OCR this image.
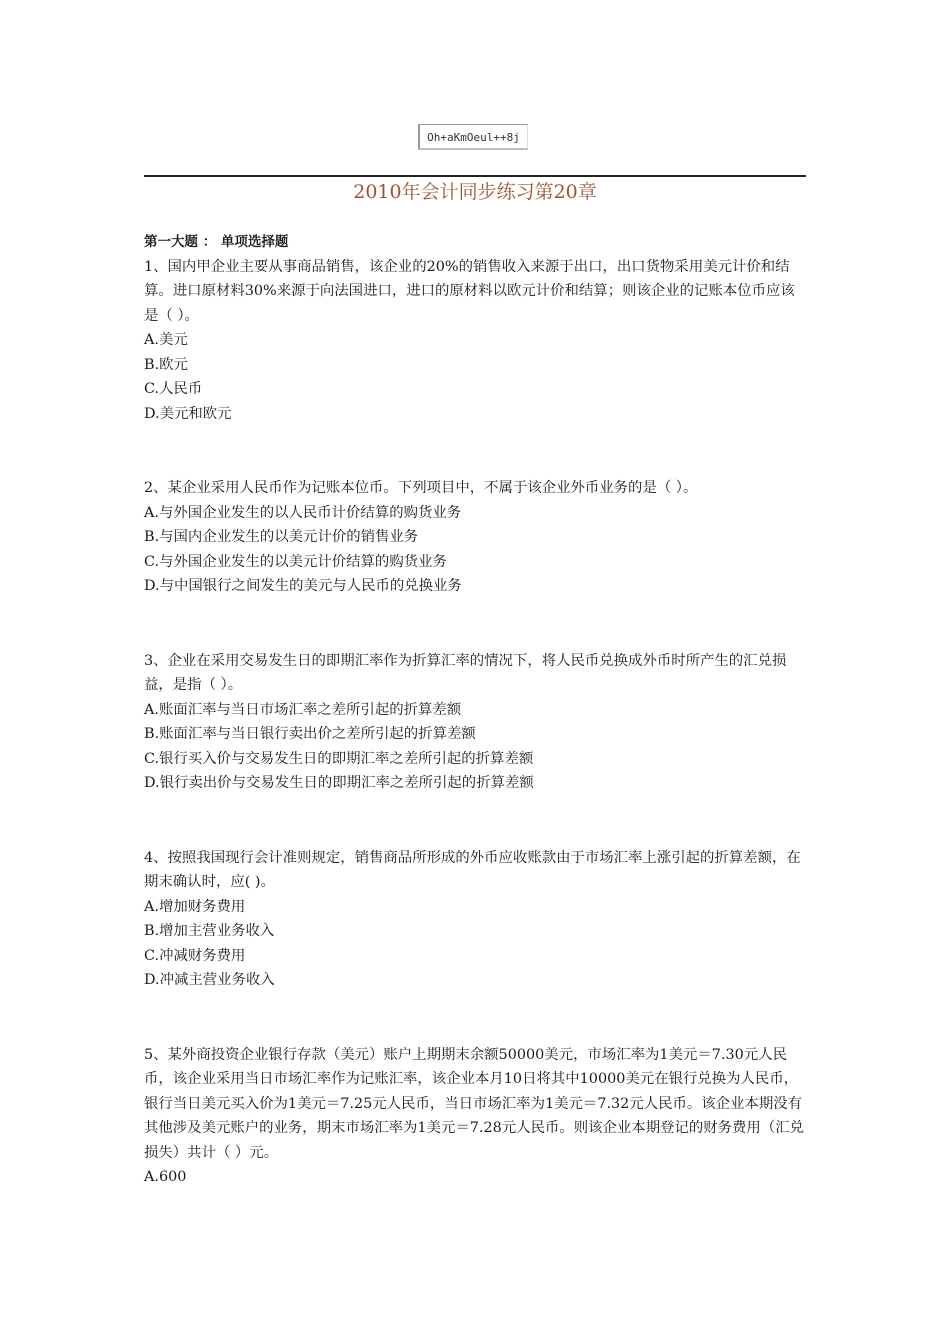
Oh+aKmOeul++8j
2010年会计同步练习第20章

第一大题 ： 单项选择题

1、国内甲企业主要从事商品销售，该企业的20%的销售收入来源于出口，出口货物采用美元计价和结算。进口原材料30%来源于向法国进口，进口的原材料以欧元计价和结算；则该企业的记账本位币应该是（ ）。

A.美元

B.欧元

C.人民币

D.美元和欧元

2、某企业采用人民币作为记账本位币。下列项目中，不属于该企业外币业务的是（ ）。

A.与外国企业发生的以人民币计价结算的购货业务

B.与国内企业发生的以美元计价的销售业务

C.与外国企业发生的以美元计价结算的购货业务

D.与中国银行之间发生的美元与人民币的兑换业务

3、企业在采用交易发生日的即期汇率作为折算汇率的情况下，将人民币兑换成外币时所产生的汇兑损益，是指（ ）。

A.账面汇率与当日市场汇率之差所引起的折算差额

B.账面汇率与当日银行卖出价之差所引起的折算差额

C.银行买入价与交易发生日的即期汇率之差所引起的折算差额

D.银行卖出价与交易发生日的即期汇率之差所引起的折算差额

4、按照我国现行会计准则规定，销售商品所形成的外币应收账款由于市场汇率上涨引起的折算差额，在期末确认时，应( )。

A.增加财务费用

B.增加主营业务收入

C.冲减财务费用

D.冲减主营业务收入

5、某外商投资企业银行存款（美元）账户上期期末余额50000美元，市场汇率为1美元＝7.30元人民币，该企业采用当日市场汇率作为记账汇率，该企业本月10日将其中10000美元在银行兑换为人民币，银行当日美元买入价为1美元＝7.25元人民币，当日市场汇率为1美元＝7.32元人民币。该企业本期没有其他涉及美元账户的业务，期末市场汇率为1美元＝7.28元人民币。则该企业本期登记的财务费用（汇兑损失）共计（ ）元。

A.600
